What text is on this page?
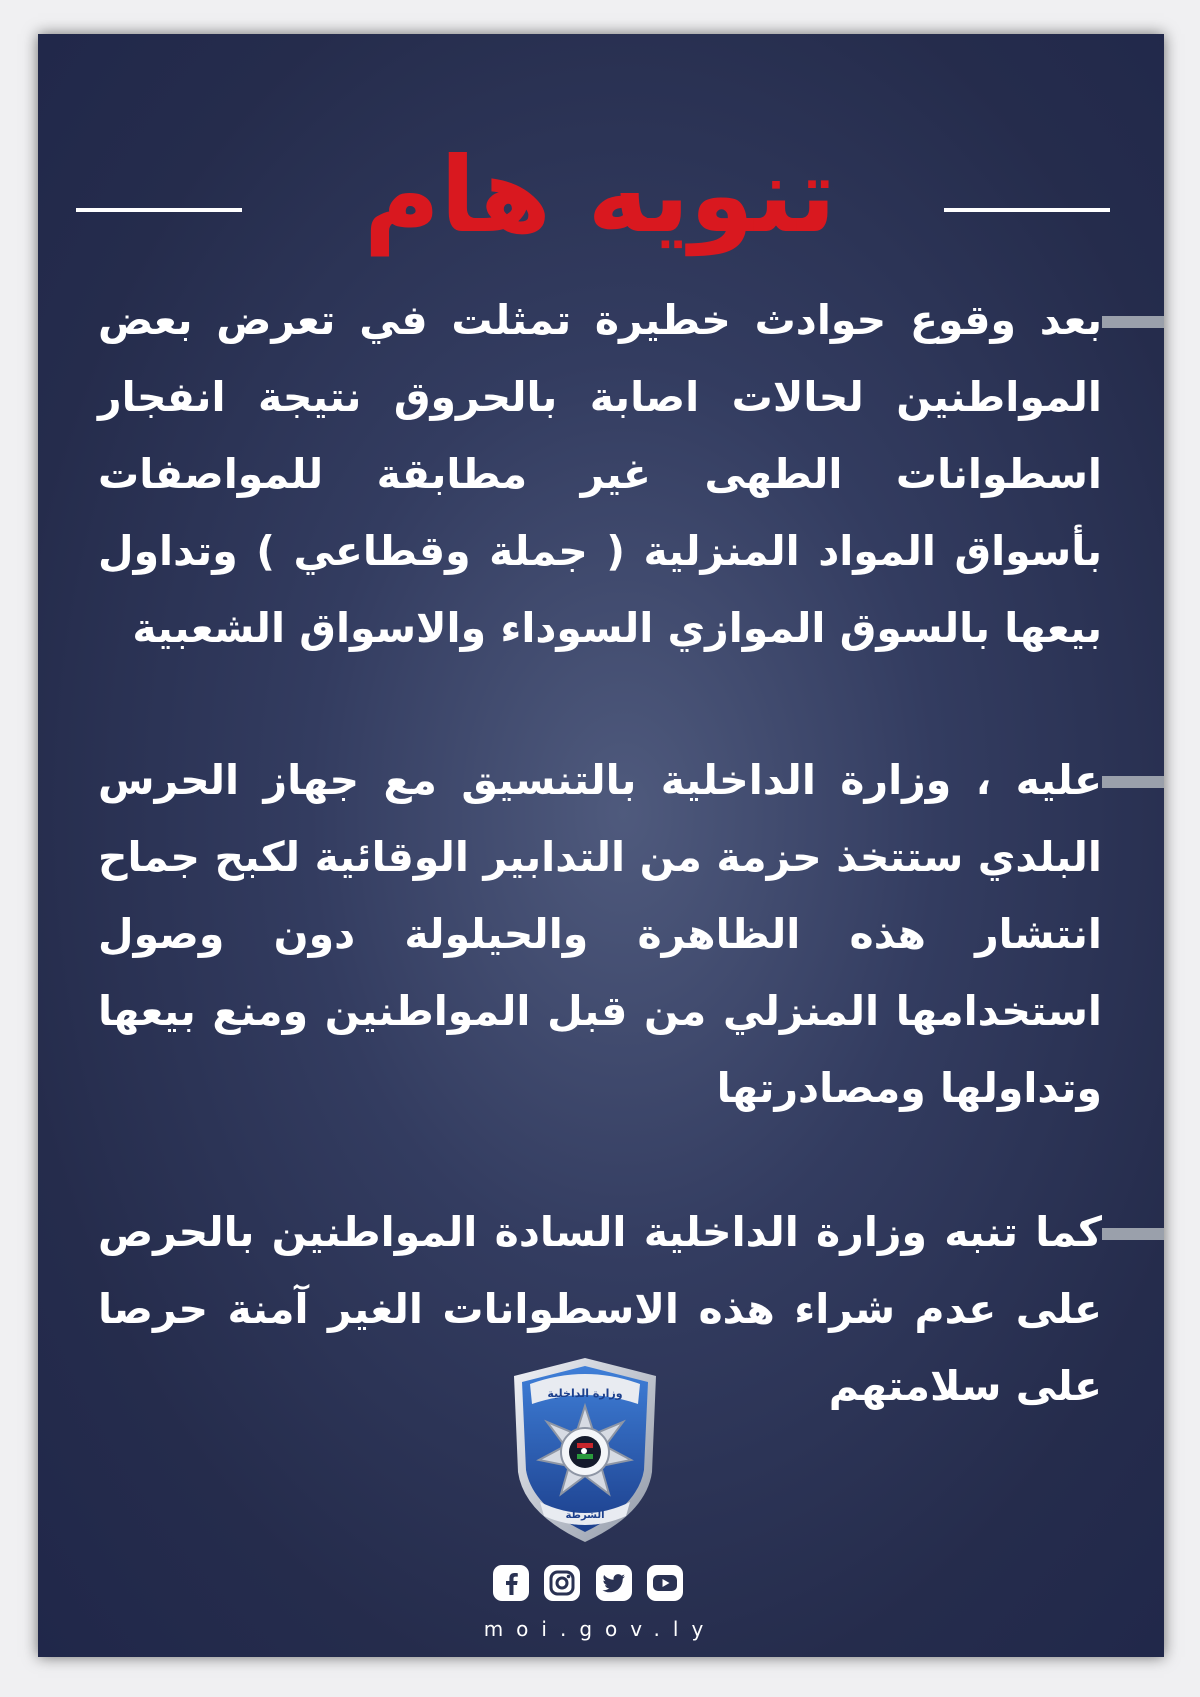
تنويه هام

بعد وقوع حوادث خطيرة تمثلت في تعرض بعض المواطنين لحالات اصابة بالحروق نتيجة انفجار اسطوانات الطهى غير مطابقة للمواصفات بأسواق المواد المنزلية ( جملة وقطاعي ) وتداول بيعها بالسوق الموازي السوداء والاسواق الشعبية

عليه ، وزارة الداخلية بالتنسيق مع جهاز الحرس البلدي ستتخذ حزمة من التدابير الوقائية لكبح جماح انتشار هذه الظاهرة والحيلولة دون وصول استخدامها المنزلي من قبل المواطنين ومنع بيعها وتداولها ومصادرتها

كما تنبه وزارة الداخلية السادة المواطنين بالحرص على عدم شراء هذه الاسطوانات الغير آمنة حرصا على سلامتهم

وزارة الداخلية
الشرطة
moi.gov.ly
